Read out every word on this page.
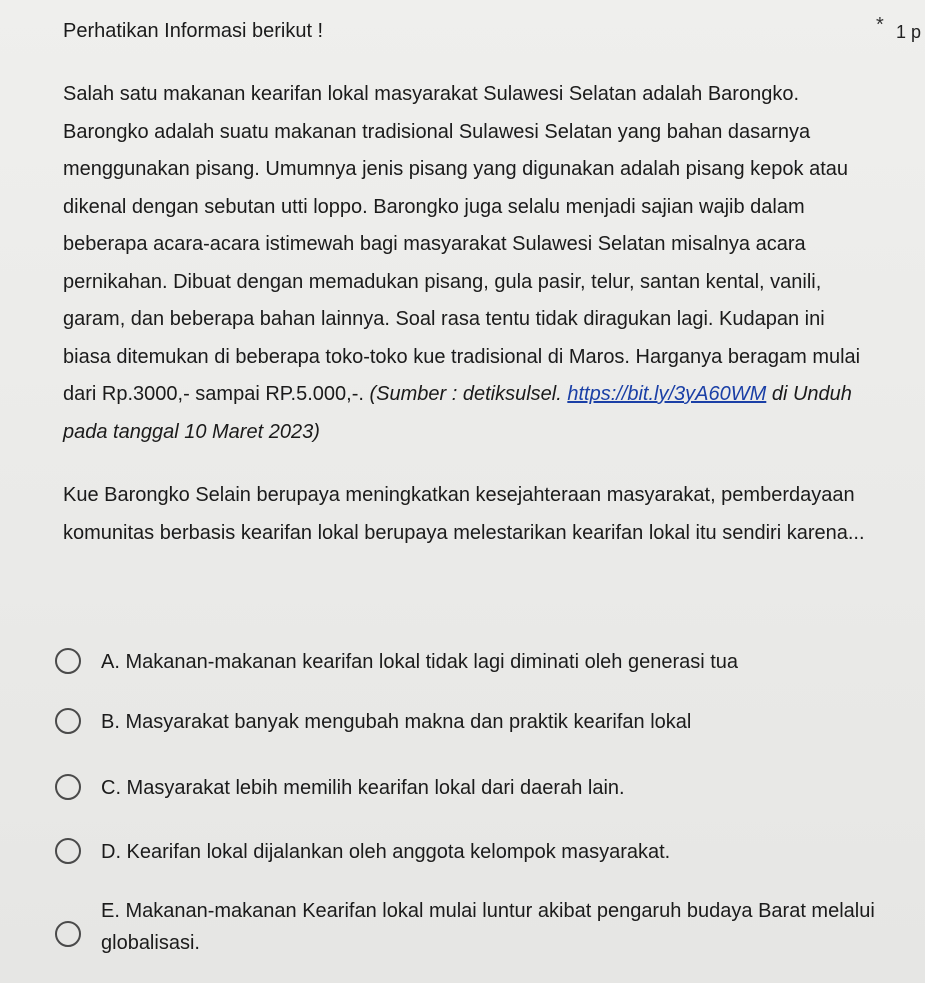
Perhatikan Informasi berikut !	* 1 p

Salah satu makanan kearifan lokal masyarakat Sulawesi Selatan adalah Barongko. Barongko adalah suatu makanan tradisional Sulawesi Selatan yang bahan dasarnya menggunakan pisang. Umumnya jenis pisang yang digunakan adalah pisang kepok atau dikenal dengan sebutan utti loppo. Barongko juga selalu menjadi sajian wajib dalam beberapa acara-acara istimewah bagi masyarakat Sulawesi Selatan misalnya acara pernikahan. Dibuat dengan memadukan pisang, gula pasir, telur, santan kental, vanili, garam, dan beberapa bahan lainnya. Soal rasa tentu tidak diragukan lagi. Kudapan ini biasa ditemukan di beberapa toko-toko kue tradisional di Maros. Harganya beragam mulai dari Rp.3000,- sampai RP.5.000,-. (Sumber : detiksulsel. https://bit.ly/3yA60WM di Unduh pada tanggal 10 Maret 2023)

Kue Barongko Selain berupaya meningkatkan kesejahteraan masyarakat, pemberdayaan komunitas berbasis kearifan lokal berupaya melestarikan kearifan lokal itu sendiri karena...

A. Makanan-makanan kearifan lokal tidak lagi diminati oleh generasi tua
B. Masyarakat banyak mengubah makna dan praktik kearifan lokal
C. Masyarakat lebih memilih kearifan lokal dari daerah lain.
D. Kearifan lokal dijalankan oleh anggota kelompok masyarakat.
E. Makanan-makanan Kearifan lokal mulai luntur akibat pengaruh budaya Barat melalui globalisasi.
